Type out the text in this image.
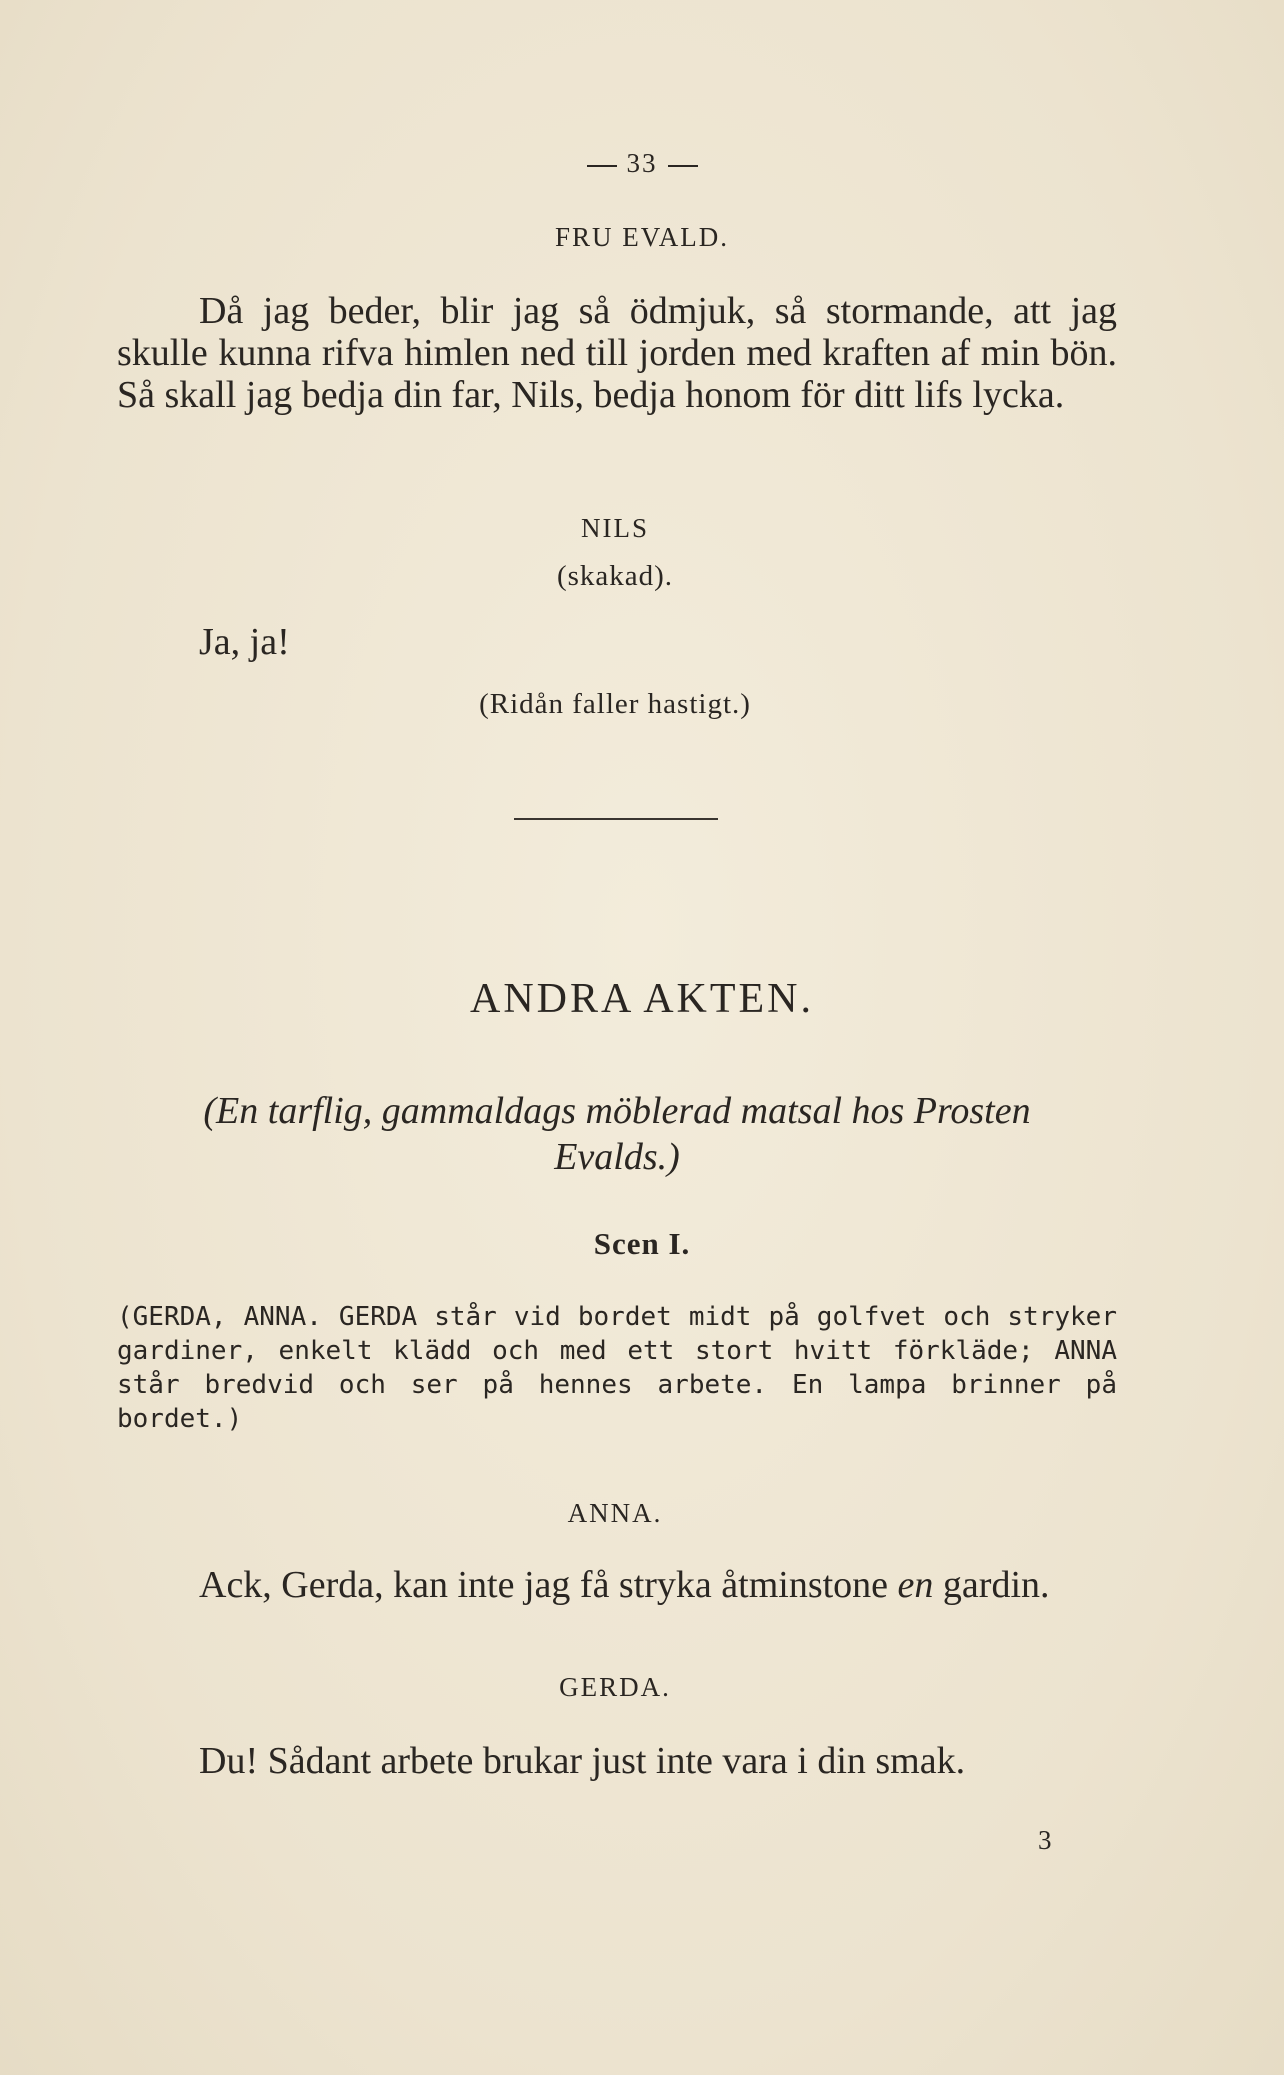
33
FRU EVALD.

Då jag beder, blir jag så ödmjuk, så stormande, att jag skulle kunna rifva himlen ned till jorden med kraften af min bön. Så skall jag bedja din far, Nils, bedja honom för ditt lifs lycka.

NILS
(skakad).
Ja, ja!
(Ridån faller hastigt.)
ANDRA AKTEN.
(En tarflig, gammaldags möblerad matsal hos Prosten
Evalds.)
Scen I.
(GERDA, ANNA. GERDA står vid bordet midt på golfvet och stryker gardiner, enkelt klädd och med ett stort hvitt förkläde; ANNA står bredvid och ser på hennes arbete. En lampa brinner på bordet.)
ANNA.

Ack, Gerda, kan inte jag få stryka åtminstone en gardin.

GERDA.

Du! Sådant arbete brukar just inte vara i din smak.

3
